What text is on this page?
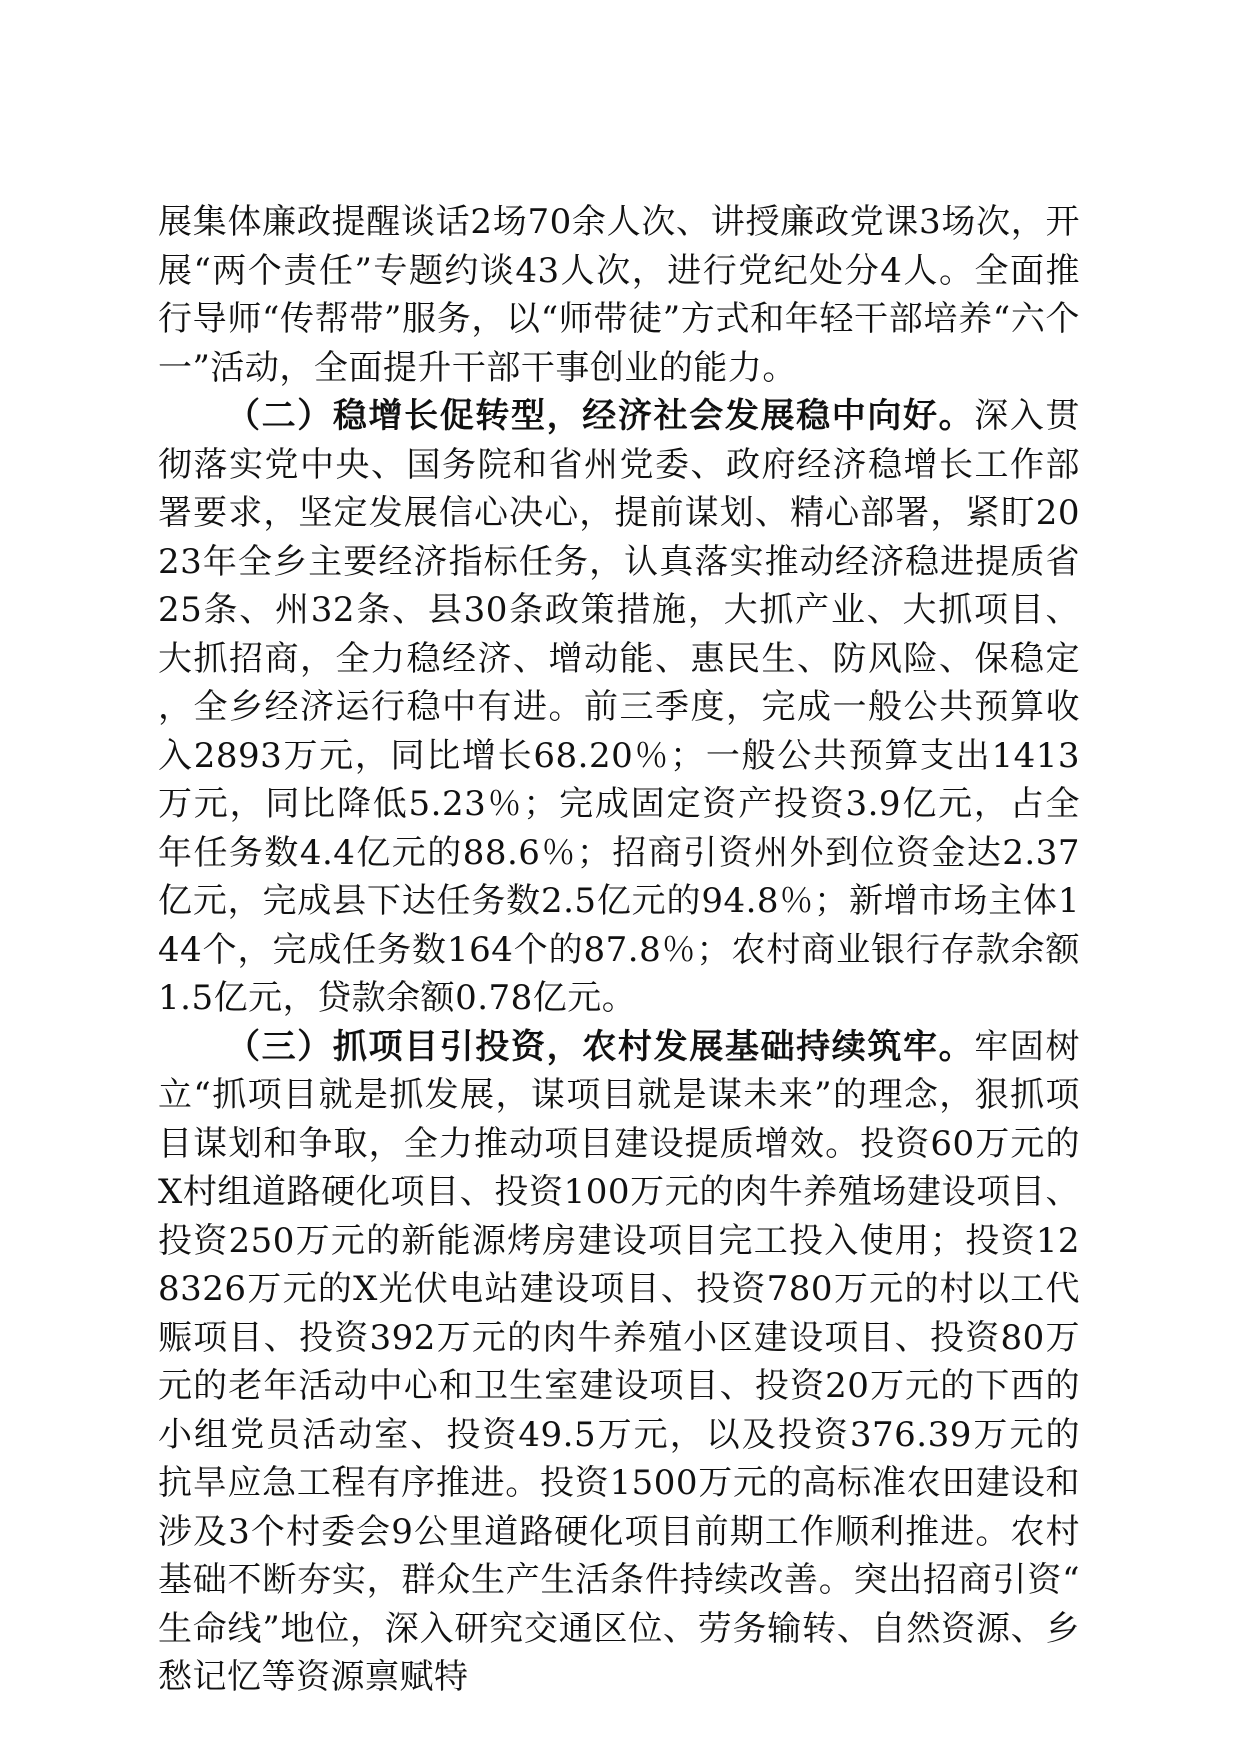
展集体廉政提醒谈话2场70余人次、讲授廉政党课3场次，开展“两个责任”专题约谈43人次，进行党纪处分4人。全面推行导师“传帮带”服务，以“师带徒”方式和年轻干部培养“六个一”活动，全面提升干部干事创业的能力。

（二）稳增长促转型，经济社会发展稳中向好。深入贯彻落实党中央、国务院和省州党委、政府经济稳增长工作部署要求，坚定发展信心决心，提前谋划、精心部署，紧盯2023年全乡主要经济指标任务，认真落实推动经济稳进提质省25条、州32条、县30条政策措施，大抓产业、大抓项目、大抓招商，全力稳经济、增动能、惠民生、防风险、保稳定，全乡经济运行稳中有进。前三季度，完成一般公共预算收入2893万元，同比增长68.20％；一般公共预算支出1413万元，同比降低5.23％；完成固定资产投资3.9亿元，占全年任务数4.4亿元的88.6％；招商引资州外到位资金达2.37亿元，完成县下达任务数2.5亿元的94.8％；新增市场主体144个，完成任务数164个的87.8％；农村商业银行存款余额1.5亿元，贷款余额0.78亿元。

（三）抓项目引投资，农村发展基础持续筑牢。牢固树立“抓项目就是抓发展，谋项目就是谋未来”的理念，狠抓项目谋划和争取，全力推动项目建设提质增效。投资60万元的X村组道路硬化项目、投资100万元的肉牛养殖场建设项目、投资250万元的新能源烤房建设项目完工投入使用；投资128326万元的X光伏电站建设项目、投资780万元的村以工代赈项目、投资392万元的肉牛养殖小区建设项目、投资80万元的老年活动中心和卫生室建设项目、投资20万元的下西的小组党员活动室、投资49.5万元，以及投资376.39万元的抗旱应急工程有序推进。投资1500万元的高标准农田建设和涉及3个村委会9公里道路硬化项目前期工作顺利推进。农村基础不断夯实，群众生产生活条件持续改善。突出招商引资“生命线”地位，深入研究交通区位、劳务输转、自然资源、乡愁记忆等资源禀赋特
